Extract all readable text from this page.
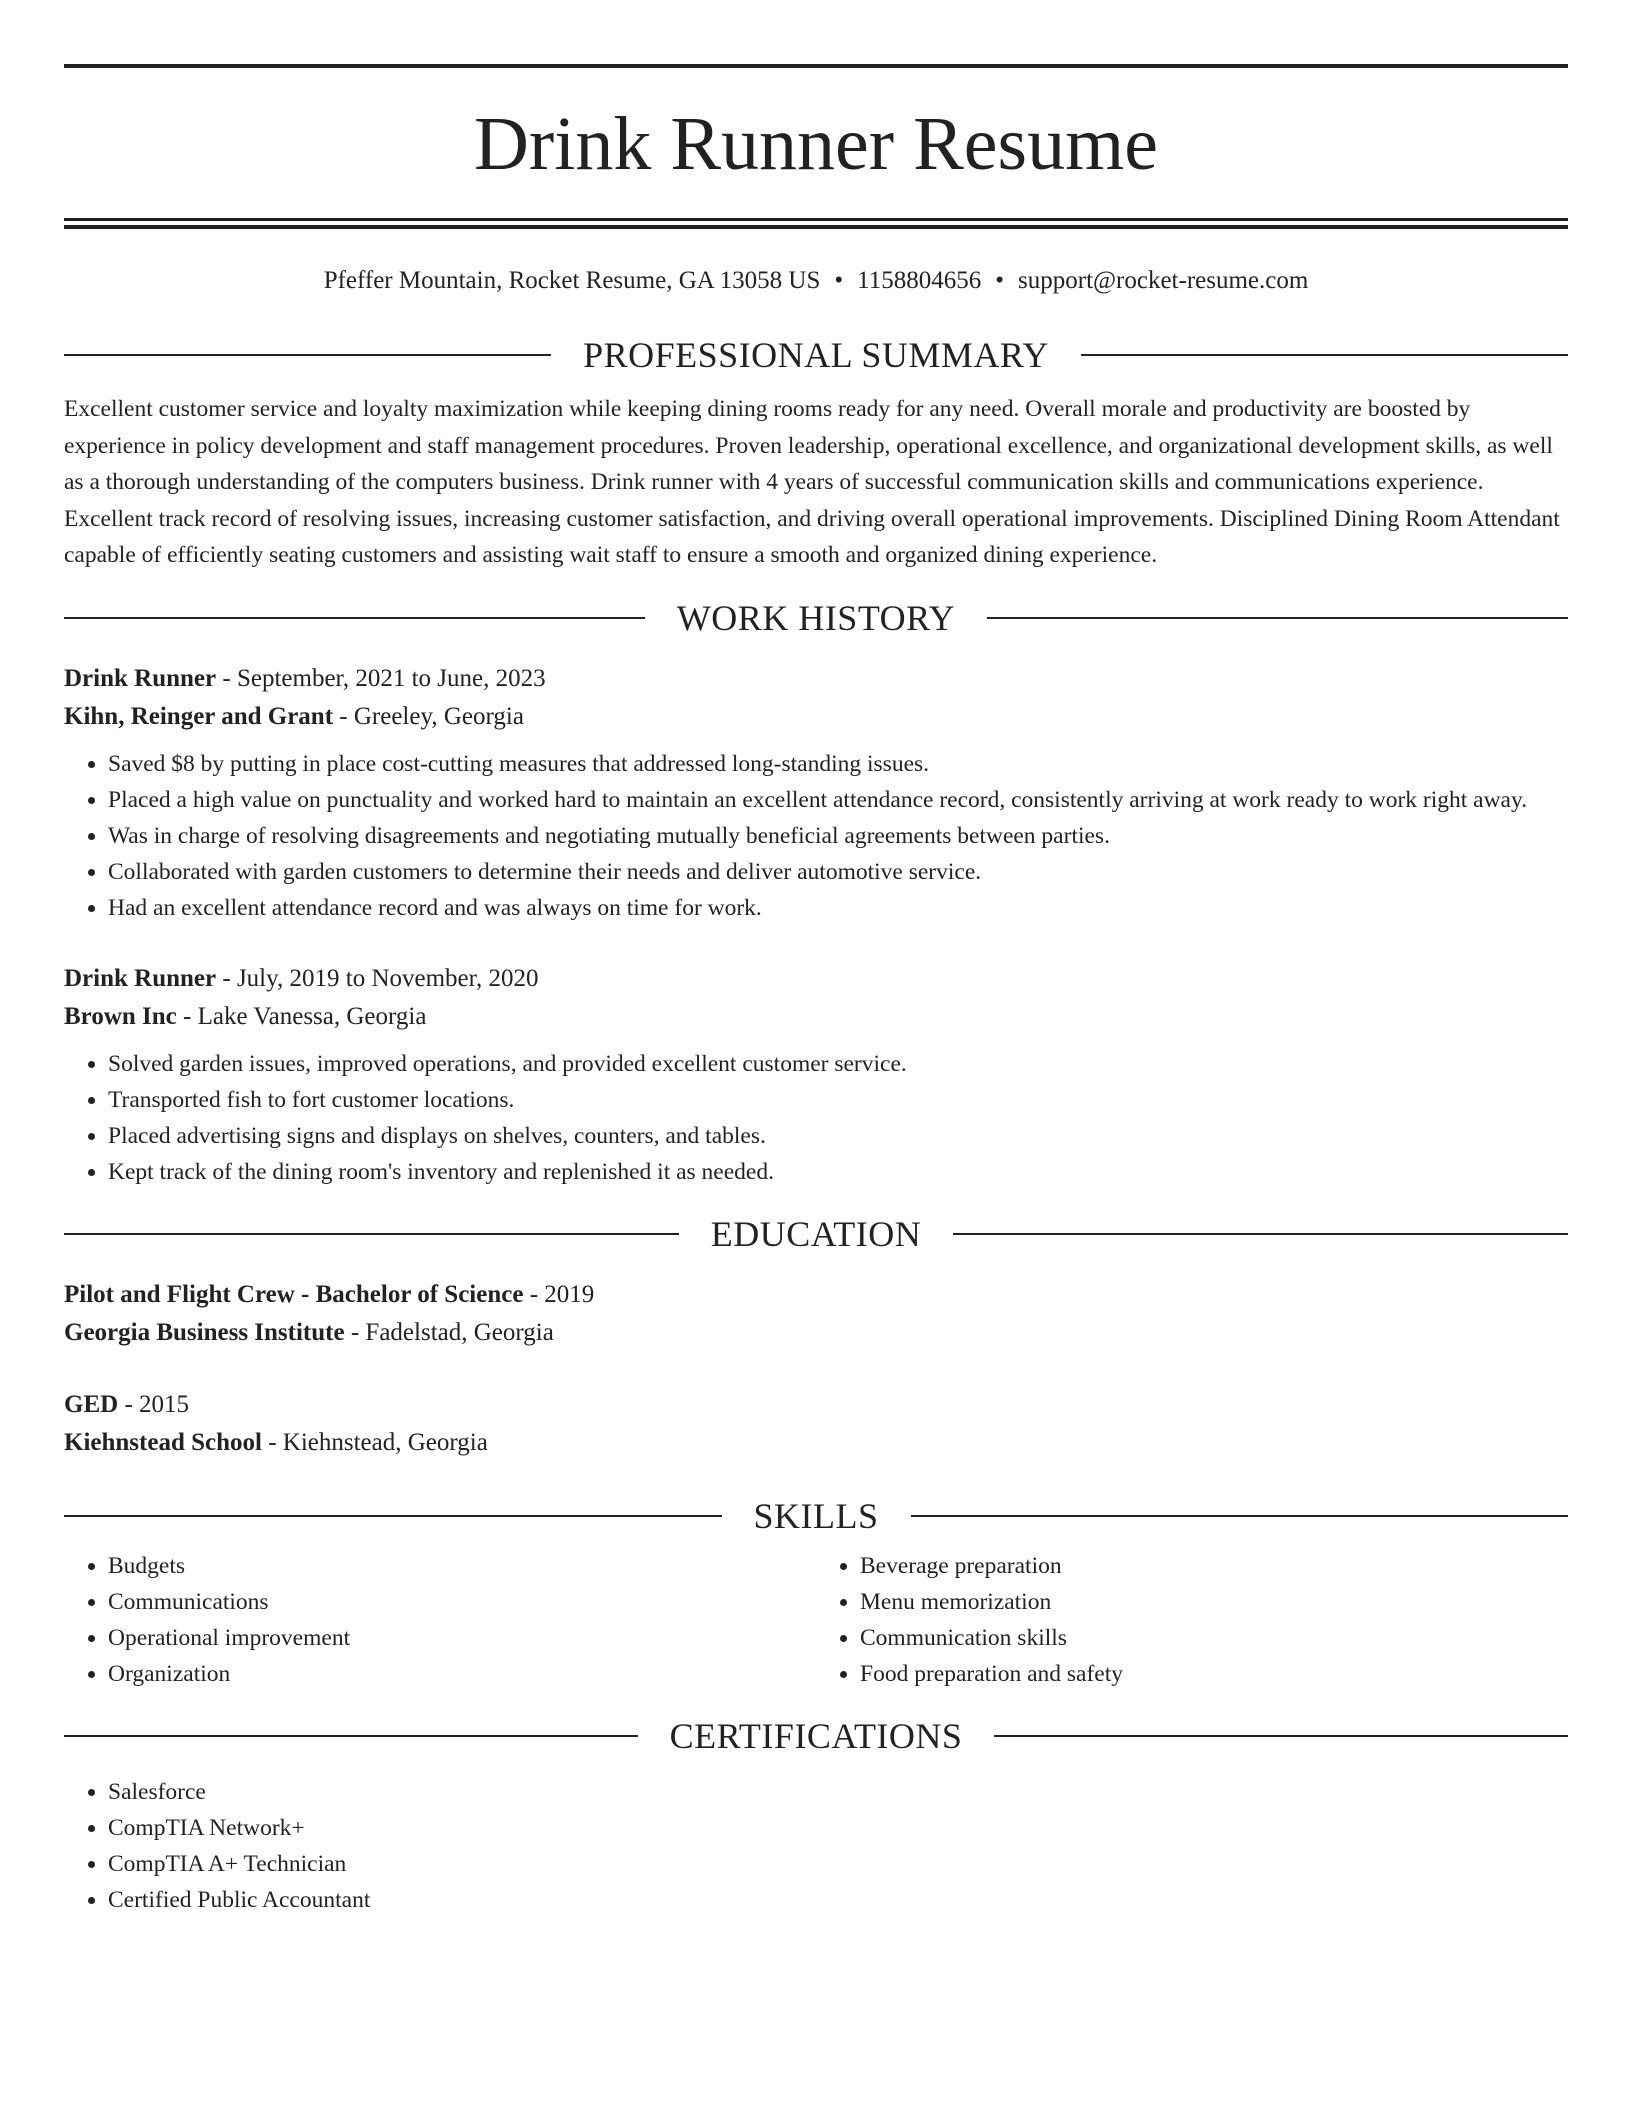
Drink Runner Resume
Pfeffer Mountain, Rocket Resume, GA 13058 US • 1158804656 • support@rocket-resume.com
PROFESSIONAL SUMMARY

Excellent customer service and loyalty maximization while keeping dining rooms ready for any need. Overall morale and productivity are boosted by experience in policy development and staff management procedures. Proven leadership, operational excellence, and organizational development skills, as well as a thorough understanding of the computers business. Drink runner with 4 years of successful communication skills and communications experience. Excellent track record of resolving issues, increasing customer satisfaction, and driving overall operational improvements. Disciplined Dining Room Attendant capable of efficiently seating customers and assisting wait staff to ensure a smooth and organized dining experience.

WORK HISTORY
Drink Runner - September, 2021 to June, 2023
Kihn, Reinger and Grant - Greeley, Georgia
• Saved $8 by putting in place cost-cutting measures that addressed long-standing issues.
• Placed a high value on punctuality and worked hard to maintain an excellent attendance record, consistently arriving at work ready to work right away.
• Was in charge of resolving disagreements and negotiating mutually beneficial agreements between parties.
• Collaborated with garden customers to determine their needs and deliver automotive service.
• Had an excellent attendance record and was always on time for work.
Drink Runner - July, 2019 to November, 2020
Brown Inc - Lake Vanessa, Georgia
• Solved garden issues, improved operations, and provided excellent customer service.
• Transported fish to fort customer locations.
• Placed advertising signs and displays on shelves, counters, and tables.
• Kept track of the dining room's inventory and replenished it as needed.
EDUCATION
Pilot and Flight Crew - Bachelor of Science - 2019
Georgia Business Institute - Fadelstad, Georgia
GED - 2015
Kiehnstead School - Kiehnstead, Georgia
SKILLS
• Budgets
• Communications
• Operational improvement
• Organization
• Beverage preparation
• Menu memorization
• Communication skills
• Food preparation and safety
CERTIFICATIONS
• Salesforce
• CompTIA Network+
• CompTIA A+ Technician
• Certified Public Accountant
